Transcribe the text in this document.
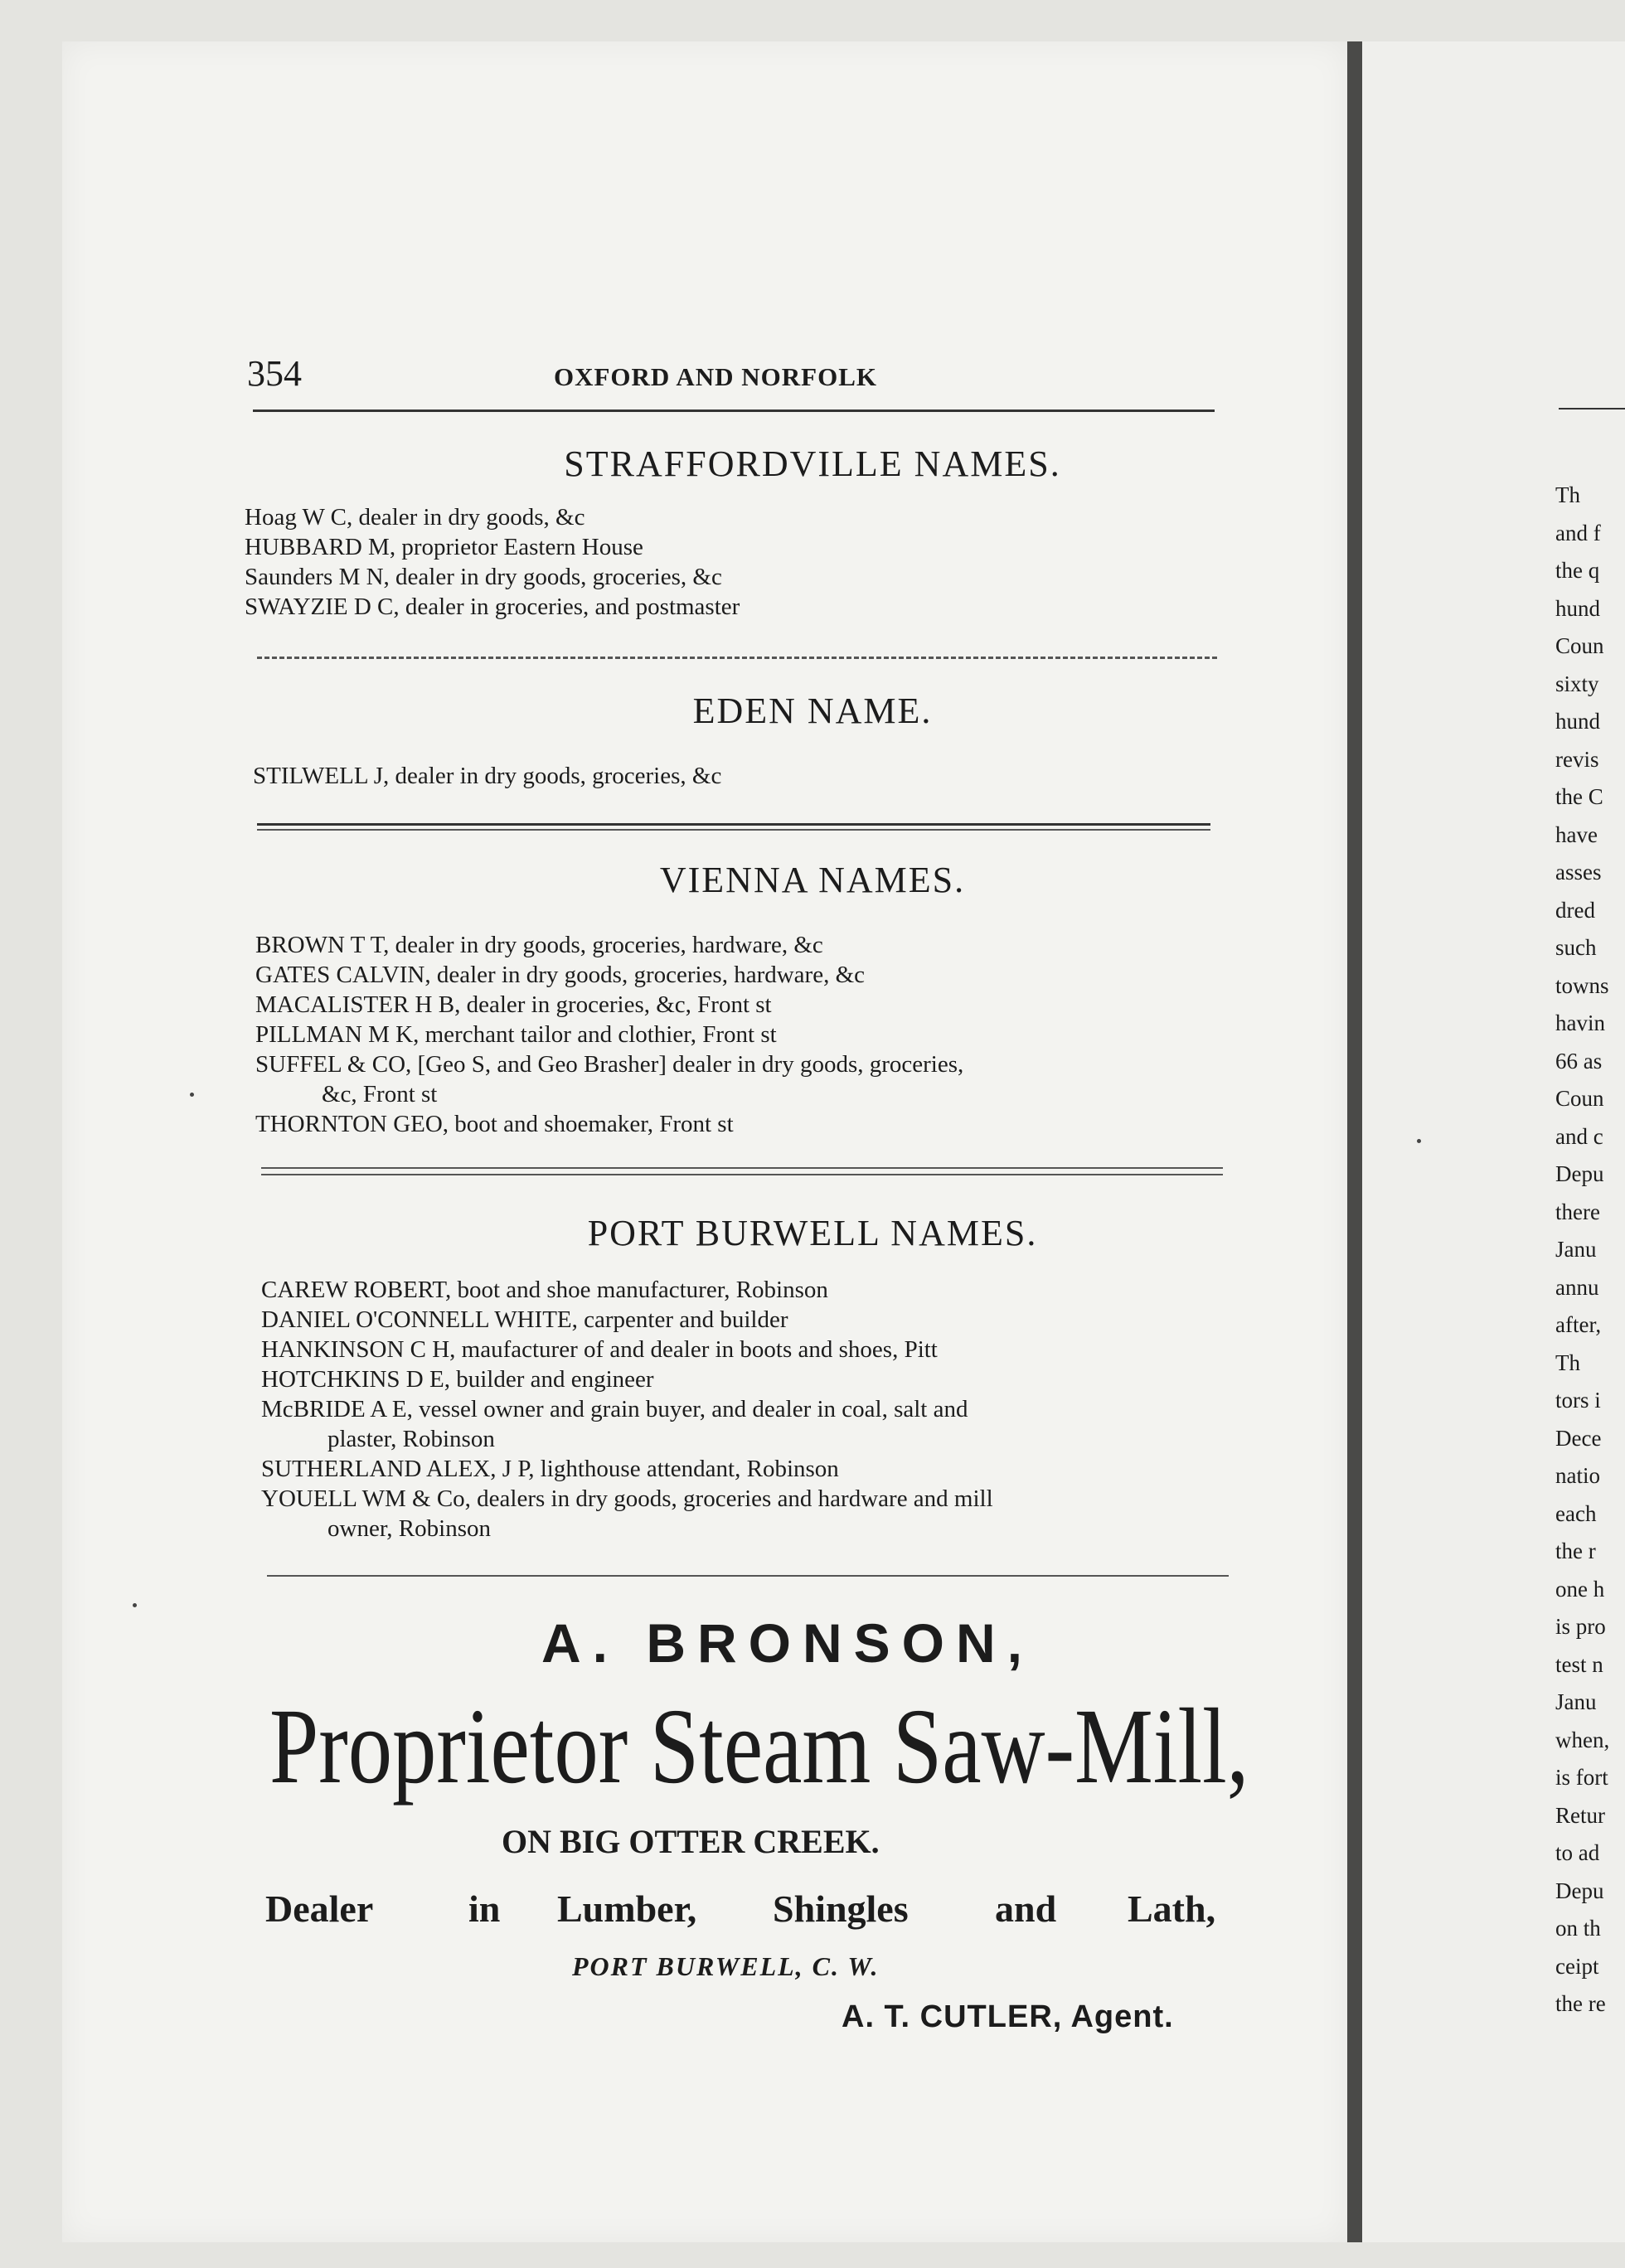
Th
and f
the q
hund
Coun
sixty
hund
revis
the C
have
asses
dred
such
towns
havin
66 as
Coun
and c
Depu
there
Janu
annu
after,
Th
tors i
Dece
natio
each
the r
one h
is pro
test n
Janu
when,
is fort
Retur
to ad
Depu
on th
ceipt
the re
354	OXFORD AND NORFOLK
STRAFFORDVILLE NAMES.
Hoag W C, dealer in dry goods, &c
HUBBARD M, proprietor Eastern House
Saunders M N, dealer in dry goods, groceries, &c
SWAYZIE D C, dealer in groceries, and postmaster
EDEN NAME.
STILWELL J, dealer in dry goods, groceries, &c
VIENNA NAMES.
BROWN T T, dealer in dry goods, groceries, hardware, &c
GATES CALVIN, dealer in dry goods, groceries, hardware, &c
MACALISTER H B, dealer in groceries, &c, Front st
PILLMAN M K, merchant tailor and clothier, Front st
SUFFEL & CO, [Geo S, and Geo Brasher] dealer in dry goods, groceries,
&c, Front st
THORNTON GEO, boot and shoemaker, Front st
PORT BURWELL NAMES.
CAREW ROBERT, boot and shoe manufacturer, Robinson
DANIEL O'CONNELL WHITE, carpenter and builder
HANKINSON C H, maufacturer of and dealer in boots and shoes, Pitt
HOTCHKINS D E, builder and engineer
McBRIDE A E, vessel owner and grain buyer, and dealer in coal, salt and
plaster, Robinson
SUTHERLAND ALEX, J P, lighthouse attendant, Robinson
YOUELL WM & Co, dealers in dry goods, groceries and hardware and mill
owner, Robinson
A. BRONSON,
Proprietor Steam Saw-Mill,
ON BIG OTTER CREEK.
Dealer in Lumber, Shingles and Lath,
PORT BURWELL, C. W.
A. T. CUTLER, Agent.
